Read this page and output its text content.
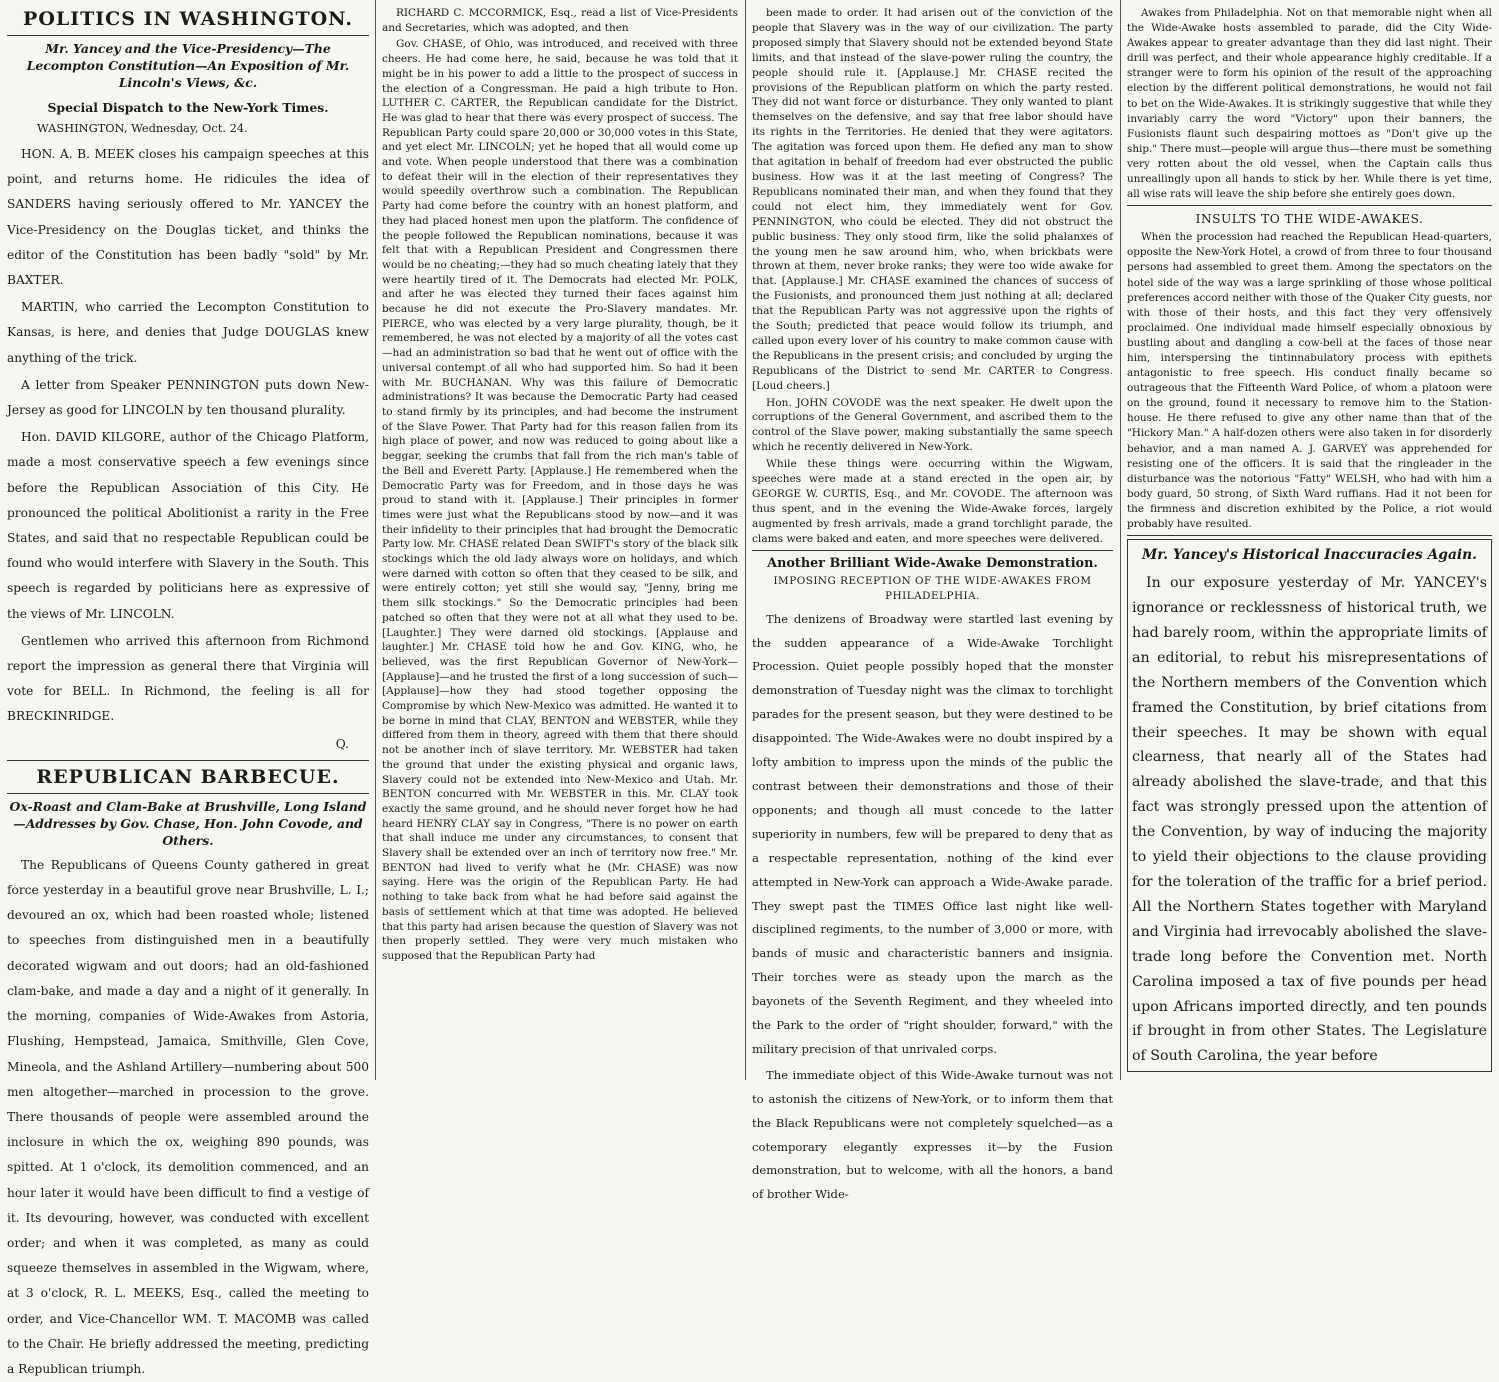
POLITICS IN WASHINGTON.
Mr. Yancey and the Vice-Presidency—The Lecompton Constitution—An Exposition of Mr. Lincoln's Views, &c.
Special Dispatch to the New-York Times.
WASHINGTON, Wednesday, Oct. 24.

HON. A. B. MEEK closes his campaign speeches at this point, and returns home. He ridicules the idea of SANDERS having seriously offered to Mr. YANCEY the Vice-Presidency on the Douglas ticket, and thinks the editor of the Constitution has been badly "sold" by Mr. BAXTER.

MARTIN, who carried the Lecompton Constitution to Kansas, is here, and denies that Judge DOUGLAS knew anything of the trick.

A letter from Speaker PENNINGTON puts down New-Jersey as good for LINCOLN by ten thousand plurality.

Hon. DAVID KILGORE, author of the Chicago Platform, made a most conservative speech a few evenings since before the Republican Association of this City. He pronounced the political Abolitionist a rarity in the Free States, and said that no respectable Republican could be found who would interfere with Slavery in the South. This speech is regarded by politicians here as expressive of the views of Mr. LINCOLN.

Gentlemen who arrived this afternoon from Richmond report the impression as general there that Virginia will vote for BELL. In Richmond, the feeling is all for BRECKINRIDGE.

Q.
REPUBLICAN BARBECUE.
Ox-Roast and Clam-Bake at Brushville, Long Island—Addresses by Gov. Chase, Hon. John Covode, and Others.

The Republicans of Queens County gathered in great force yesterday in a beautiful grove near Brushville, L. I.; devoured an ox, which had been roasted whole; listened to speeches from distinguished men in a beautifully decorated wigwam and out doors; had an old-fashioned clam-bake, and made a day and a night of it generally. In the morning, companies of Wide-Awakes from Astoria, Flushing, Hempstead, Jamaica, Smithville, Glen Cove, Mineola, and the Ashland Artillery—numbering about 500 men altogether—marched in procession to the grove. There thousands of people were assembled around the inclosure in which the ox, weighing 890 pounds, was spitted. At 1 o'clock, its demolition commenced, and an hour later it would have been difficult to find a vestige of it. Its devouring, however, was conducted with excellent order; and when it was completed, as many as could squeeze themselves in assembled in the Wigwam, where, at 3 o'clock, R. L. MEEKS, Esq., called the meeting to order, and Vice-Chancellor WM. T. MACOMB was called to the Chair. He briefly addressed the meeting, predicting a Republican triumph.

RICHARD C. MCCORMICK, Esq., read a list of Vice-Presidents and Secretaries, which was adopted, and then

Gov. CHASE, of Ohio, was introduced, and received with three cheers. He had come here, he said, because he was told that it might be in his power to add a little to the prospect of success in the election of a Congressman. He paid a high tribute to Hon. LUTHER C. CARTER, the Republican candidate for the District. He was glad to hear that there was every prospect of success. The Republican Party could spare 20,000 or 30,000 votes in this State, and yet elect Mr. LINCOLN; yet he hoped that all would come up and vote. When people understood that there was a combination to defeat their will in the election of their representatives they would speedily overthrow such a combination. The Republican Party had come before the country with an honest platform, and they had placed honest men upon the platform. The confidence of the people followed the Republican nominations, because it was felt that with a Republican President and Congressmen there would be no cheating;—they had so much cheating lately that they were heartily tired of it. The Democrats had elected Mr. POLK, and after he was elected they turned their faces against him because he did not execute the Pro-Slavery mandates. Mr. PIERCE, who was elected by a very large plurality, though, be it remembered, he was not elected by a majority of all the votes cast—had an administration so bad that he went out of office with the universal contempt of all who had supported him. So had it been with Mr. BUCHANAN. Why was this failure of Democratic administrations? It was because the Democratic Party had ceased to stand firmly by its principles, and had become the instrument of the Slave Power. That Party had for this reason fallen from its high place of power, and now was reduced to going about like a beggar, seeking the crumbs that fall from the rich man's table of the Bell and Everett Party. [Applause.] He remembered when the Democratic Party was for Freedom, and in those days he was proud to stand with it. [Applause.] Their principles in former times were just what the Republicans stood by now—and it was their infidelity to their principles that had brought the Democratic Party low. Mr. CHASE related Dean SWIFT's story of the black silk stockings which the old lady always wore on holidays, and which were darned with cotton so often that they ceased to be silk, and were entirely cotton; yet still she would say, "Jenny, bring me them silk stockings." So the Democratic principles had been patched so often that they were not at all what they used to be. [Laughter.] They were darned old stockings. [Applause and laughter.] Mr. CHASE told how he and Gov. KING, who, he believed, was the first Republican Governor of New-York—[Applause]—and he trusted the first of a long succession of such—[Applause]—how they had stood together opposing the Compromise by which New-Mexico was admitted. He wanted it to be borne in mind that CLAY, BENTON and WEBSTER, while they differed from them in theory, agreed with them that there should not be another inch of slave territory. Mr. WEBSTER had taken the ground that under the existing physical and organic laws, Slavery could not be extended into New-Mexico and Utah. Mr. BENTON concurred with Mr. WEBSTER in this. Mr. CLAY took exactly the same ground, and he should never forget how he had heard HENRY CLAY say in Congress, "There is no power on earth that shall induce me under any circumstances, to consent that Slavery shall be extended over an inch of territory now free." Mr. BENTON had lived to verify what he (Mr. CHASE) was now saying. Here was the origin of the Republican Party. He had nothing to take back from what he had before said against the basis of settlement which at that time was adopted. He believed that this party had arisen because the question of Slavery was not then properly settled. They were very much mistaken who supposed that the Republican Party had

been made to order. It had arisen out of the conviction of the people that Slavery was in the way of our civilization. The party proposed simply that Slavery should not be extended beyond State limits, and that instead of the slave-power ruling the country, the people should rule it. [Applause.] Mr. CHASE recited the provisions of the Republican platform on which the party rested. They did not want force or disturbance. They only wanted to plant themselves on the defensive, and say that free labor should have its rights in the Territories. He denied that they were agitators. The agitation was forced upon them. He defied any man to show that agitation in behalf of freedom had ever obstructed the public business. How was it at the last meeting of Congress? The Republicans nominated their man, and when they found that they could not elect him, they immediately went for Gov. PENNINGTON, who could be elected. They did not obstruct the public business. They only stood firm, like the solid phalanxes of the young men he saw around him, who, when brickbats were thrown at them, never broke ranks; they were too wide awake for that. [Applause.] Mr. CHASE examined the chances of success of the Fusionists, and pronounced them just nothing at all; declared that the Republican Party was not aggressive upon the rights of the South; predicted that peace would follow its triumph, and called upon every lover of his country to make common cause with the Republicans in the present crisis; and concluded by urging the Republicans of the District to send Mr. CARTER to Congress. [Loud cheers.]

Hon. JOHN COVODE was the next speaker. He dwelt upon the corruptions of the General Government, and ascribed them to the control of the Slave power, making substantially the same speech which he recently delivered in New-York.

While these things were occurring within the Wigwam, speeches were made at a stand erected in the open air, by GEORGE W. CURTIS, Esq., and Mr. COVODE. The afternoon was thus spent, and in the evening the Wide-Awake forces, largely augmented by fresh arrivals, made a grand torchlight parade, the clams were baked and eaten, and more speeches were delivered.

Another Brilliant Wide-Awake Demonstration.
IMPOSING RECEPTION OF THE WIDE-AWAKES FROM PHILADELPHIA.

The denizens of Broadway were startled last evening by the sudden appearance of a Wide-Awake Torchlight Procession. Quiet people possibly hoped that the monster demonstration of Tuesday night was the climax to torchlight parades for the present season, but they were destined to be disappointed. The Wide-Awakes were no doubt inspired by a lofty ambition to impress upon the minds of the public the contrast between their demonstrations and those of their opponents; and though all must concede to the latter superiority in numbers, few will be prepared to deny that as a respectable representation, nothing of the kind ever attempted in New-York can approach a Wide-Awake parade. They swept past the TIMES Office last night like well-disciplined regiments, to the number of 3,000 or more, with bands of music and characteristic banners and insignia. Their torches were as steady upon the march as the bayonets of the Seventh Regiment, and they wheeled into the Park to the order of "right shoulder, forward," with the military precision of that unrivaled corps.

The immediate object of this Wide-Awake turnout was not to astonish the citizens of New-York, or to inform them that the Black Republicans were not completely squelched—as a cotemporary elegantly expresses it—by the Fusion demonstration, but to welcome, with all the honors, a band of brother Wide-

Awakes from Philadelphia. Not on that memorable night when all the Wide-Awake hosts assembled to parade, did the City Wide-Awakes appear to greater advantage than they did last night. Their drill was perfect, and their whole appearance highly creditable. If a stranger were to form his opinion of the result of the approaching election by the different political demonstrations, he would not fail to bet on the Wide-Awakes. It is strikingly suggestive that while they invariably carry the word "Victory" upon their banners, the Fusionists flaunt such despairing mottoes as "Don't give up the ship." There must—people will argue thus—there must be something very rotten about the old vessel, when the Captain calls thus unreallingly upon all hands to stick by her. While there is yet time, all wise rats will leave the ship before she entirely goes down.

INSULTS TO THE WIDE-AWAKES.

When the procession had reached the Republican Head-quarters, opposite the New-York Hotel, a crowd of from three to four thousand persons had assembled to greet them. Among the spectators on the hotel side of the way was a large sprinkling of those whose political preferences accord neither with those of the Quaker City guests, nor with those of their hosts, and this fact they very offensively proclaimed. One individual made himself especially obnoxious by bustling about and dangling a cow-bell at the faces of those near him, interspersing the tintinnabulatory process with epithets antagonistic to free speech. His conduct finally became so outrageous that the Fifteenth Ward Police, of whom a platoon were on the ground, found it necessary to remove him to the Station-house. He there refused to give any other name than that of the "Hickory Man." A half-dozen others were also taken in for disorderly behavior, and a man named A. J. GARVEY was apprehended for resisting one of the officers. It is said that the ringleader in the disturbance was the notorious "Fatty" WELSH, who had with him a body guard, 50 strong, of Sixth Ward ruffians. Had it not been for the firmness and discretion exhibited by the Police, a riot would probably have resulted.

Mr. Yancey's Historical Inaccuracies Again.

In our exposure yesterday of Mr. YANCEY's ignorance or recklessness of historical truth, we had barely room, within the appropriate limits of an editorial, to rebut his misrepresentations of the Northern members of the Convention which framed the Constitution, by brief citations from their speeches. It may be shown with equal clearness, that nearly all of the States had already abolished the slave-trade, and that this fact was strongly pressed upon the attention of the Convention, by way of inducing the majority to yield their objections to the clause providing for the toleration of the traffic for a brief period. All the Northern States together with Maryland and Virginia had irrevocably abolished the slave-trade long before the Convention met. North Carolina imposed a tax of five pounds per head upon Africans imported directly, and ten pounds if brought in from other States. The Legislature of South Carolina, the year before
